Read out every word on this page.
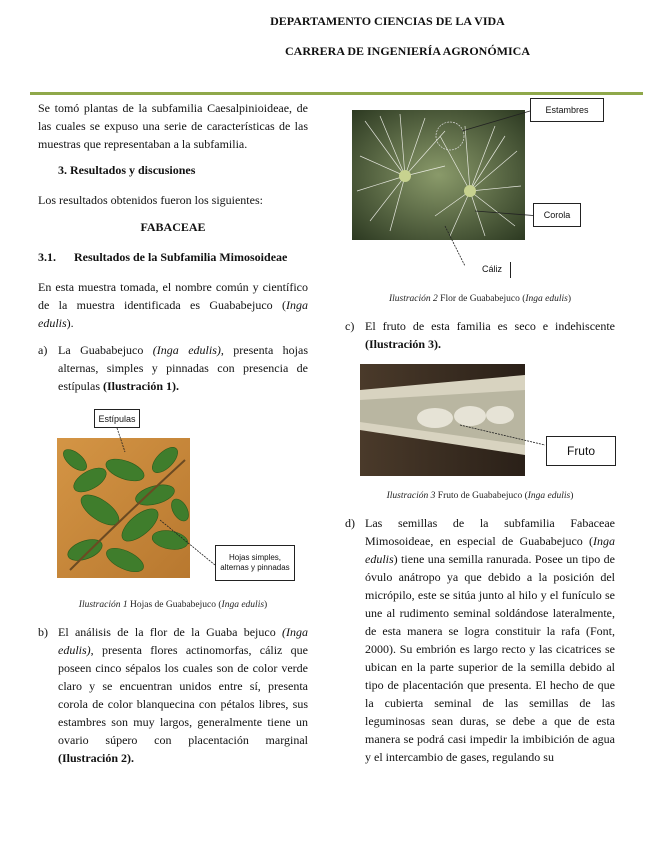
DEPARTAMENTO CIENCIAS DE LA VIDA
CARRERA DE INGENIERÍA AGRONÓMICA
Se tomó plantas de la subfamilia Caesalpinioideae, de las cuales se expuso una serie de características de las muestras que representaban a la subfamilia.
3. Resultados y discusiones
Los resultados obtenidos fueron los siguientes:
FABACEAE
3.1.      Resultados de la Subfamilia Mimosoideae
En esta muestra tomada, el nombre común y científico de la muestra identificada es Guababejuco (Inga edulis).
a) La Guababejuco (Inga edulis), presenta hojas alternas, simples y pinnadas con presencia de estípulas (Ilustración 1).
Estípulas
Hojas simples, alternas y pinnadas
Ilustración 1 Hojas de Guababejuco (Inga edulis)
b) El análisis de la flor de la Guaba bejuco (Inga edulis), presenta flores actinomorfas, cáliz que poseen cinco sépalos los cuales son de color verde claro y se encuentran unidos entre sí, presenta corola de color blanquecina con pétalos libres, sus estambres son muy largos, generalmente tiene un ovario súpero con placentación marginal (Ilustración 2).
Estambres
Corola
Cáliz
Ilustración 2 Flor de Guababejuco (Inga edulis)
c) El fruto de esta familia es seco e indehiscente (Ilustración 3).
Fruto
Ilustración 3 Fruto de Guababejuco (Inga edulis)
d) Las semillas de la subfamilia Fabaceae Mimosoideae, en especial de Guababejuco (Inga edulis) tiene una semilla ranurada. Posee un tipo de óvulo anátropo ya que debido a la posición del micrópilo, este se sitúa junto al hilo y el funículo se une al rudimento seminal soldándose lateralmente, de esta manera se logra constituir la rafa (Font, 2000). Su embrión es largo recto y las cicatrices se ubican en la parte superior de la semilla debido al tipo de placentación que presenta. El hecho de que la cubierta seminal de las semillas de las leguminosas sean duras, se debe a que de esta manera se podrá casi impedir la imbibición de agua y el intercambio de gases, regulando su
